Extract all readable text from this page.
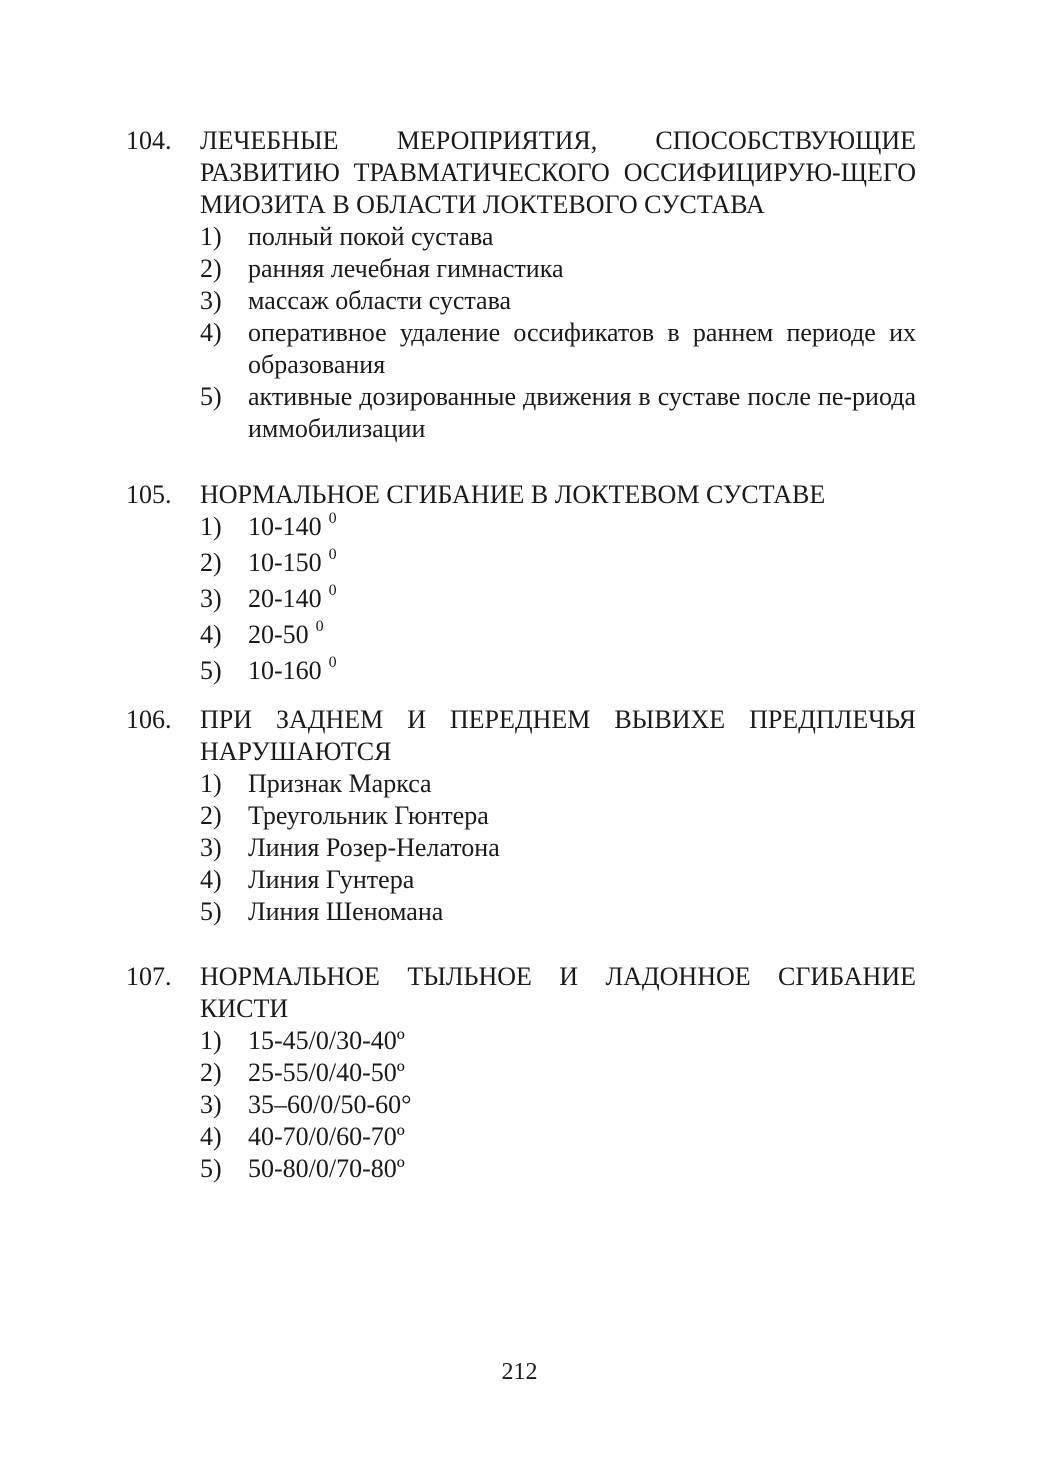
104. ЛЕЧЕБНЫЕ МЕРОПРИЯТИЯ, СПОСОБСТВУЮЩИЕ РАЗВИТИЮ ТРАВМАТИЧЕСКОГО ОССИФИЦИРУЮ-ЩЕГО МИОЗИТА В ОБЛАСТИ ЛОКТЕВОГО СУСТАВА
1) полный покой сустава
2) ранняя лечебная гимнастика
3) массаж области сустава
4) оперативное удаление оссификатов в раннем периоде их образования
5) активные дозированные движения в суставе после пе-риода иммобилизации
105. НОРМАЛЬНОЕ СГИБАНИЕ В ЛОКТЕВОМ СУСТАВЕ
1) 10-140 $^0$
2) 10-150 $^0$
3) 20-140 $^0$
4) 20-50 $^0$
5) 10-160 $^0$
106. ПРИ ЗАДНЕМ И ПЕРЕДНЕМ ВЫВИХЕ ПРЕДПЛЕЧЬЯ НАРУШАЮТСЯ
1) Признак Маркса
2) Треугольник Гюнтера
3) Линия Розер-Нелатона
4) Линия Гунтера
5) Линия Шеномана
107. НОРМАЛЬНОЕ ТЫЛЬНОЕ И ЛАДОННОЕ СГИБАНИЕ КИСТИ
1) 15-45/0/30-40º
2) 25-55/0/40-50º
3) 35–60/0/50-60°
4) 40-70/0/60-70º
5) 50-80/0/70-80º
212
